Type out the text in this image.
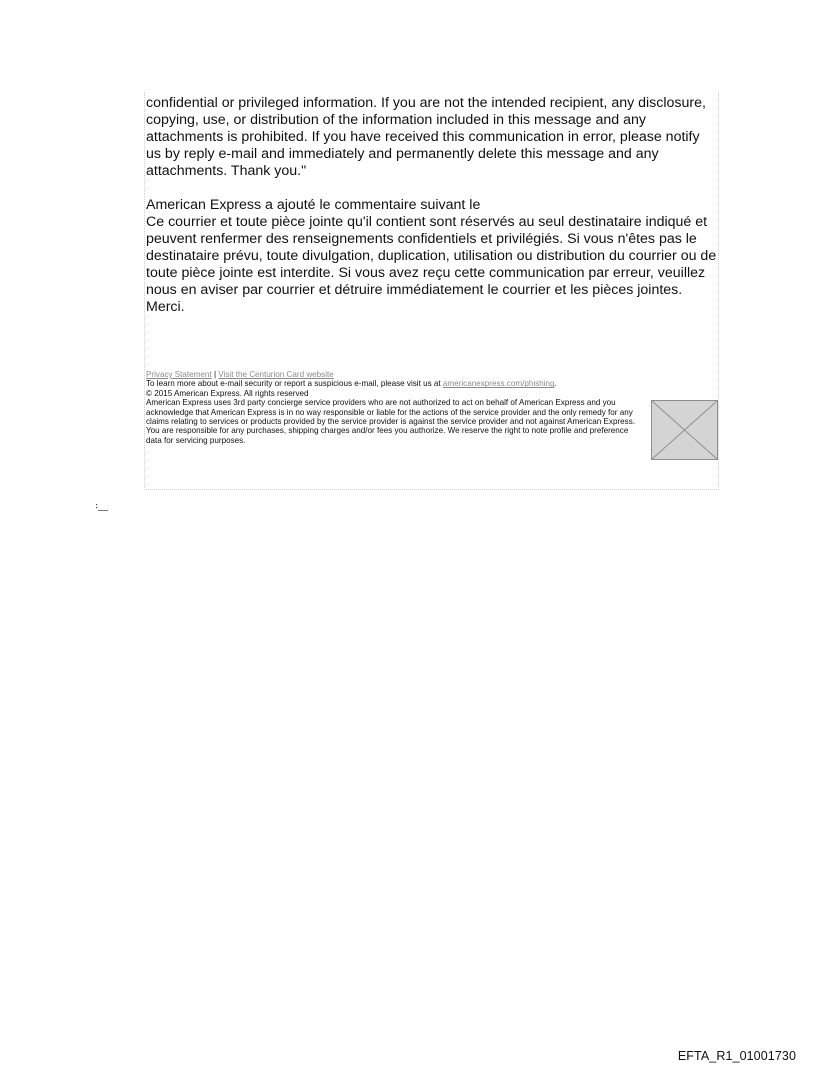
confidential or privileged information. If you are not the intended recipient, any disclosure, copying, use, or distribution of the information included in this message and any attachments is prohibited. If you have received this communication in error, please notify us by reply e-mail and immediately and permanently delete this message and any attachments. Thank you."

American Express a ajouté le commentaire suivant le

Ce courrier et toute pièce jointe qu'il contient sont réservés au seul destinataire indiqué et peuvent renfermer des renseignements confidentiels et privilégiés. Si vous n'êtes pas le destinataire prévu, toute divulgation, duplication, utilisation ou distribution du courrier ou de toute pièce jointe est interdite. Si vous avez reçu cette communication par erreur, veuillez nous en aviser par courrier et détruire immédiatement le courrier et les pièces jointes. Merci.

Privacy Statement | Visit the Centurion Card website
To learn more about e-mail security or report a suspicious e-mail, please visit us at americanexpress.com/phishing.
© 2015 American Express. All rights reserved

American Express uses 3rd party concierge service providers who are not authorized to act on behalf of American Express and you acknowledge that American Express is in no way responsible or liable for the actions of the service provider and the only remedy for any claims relating to services or products provided by the service provider is against the service provider and not against American Express. You are responsible for any purchases, shipping charges and/or fees you authorize. We reserve the right to note profile and preference data for servicing purposes.

EFTA_R1_01001730
